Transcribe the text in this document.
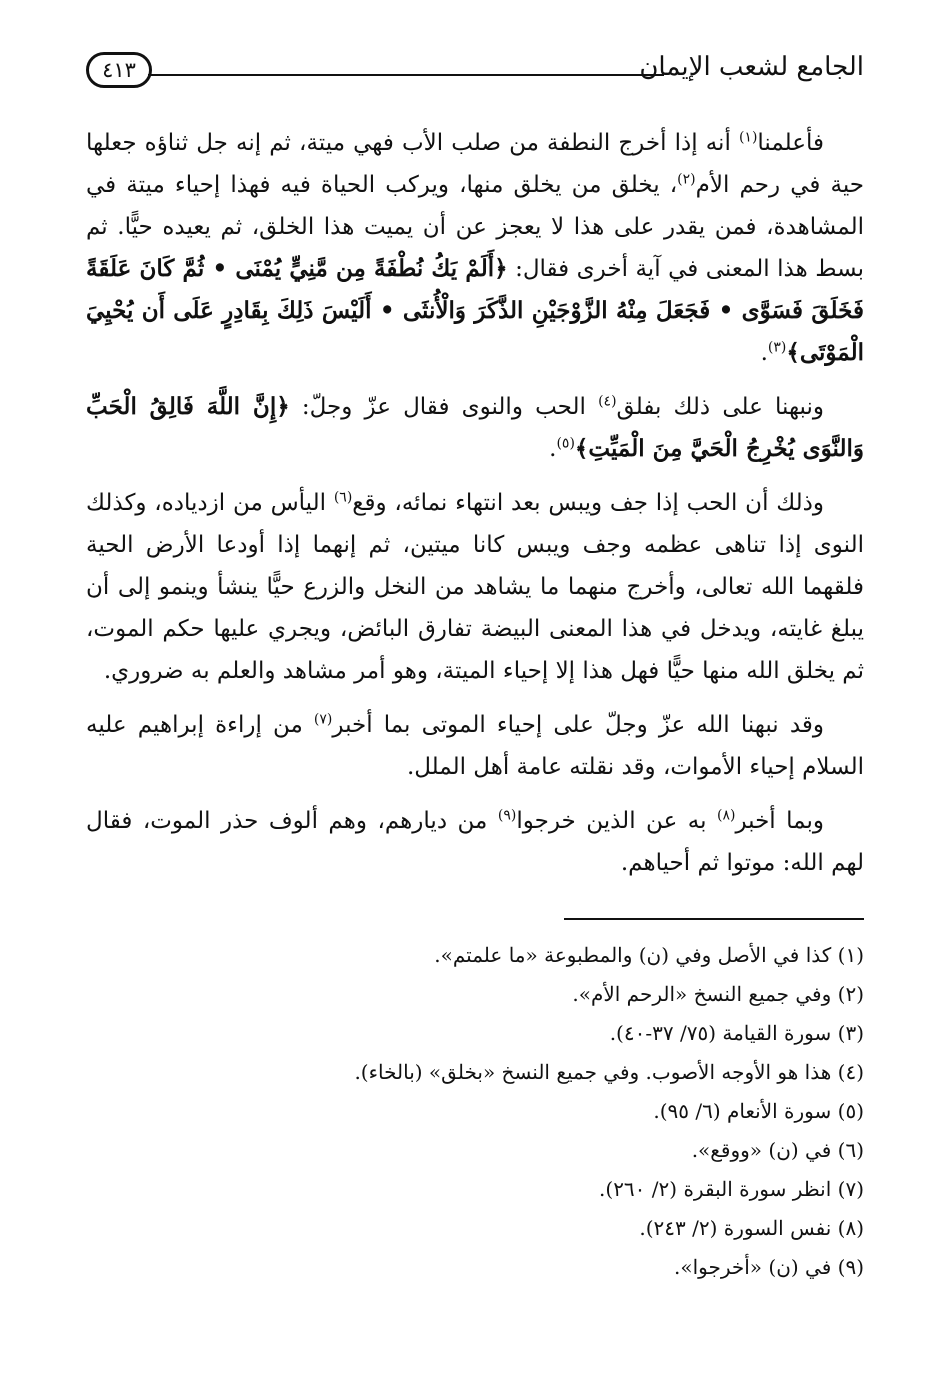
الجامع لشعب الإيمان
٤١٣

فأعلمنا$^{(١)}$ أنه إذا أخرج النطفة من صلب الأب فهي ميتة، ثم إنه جل ثناؤه جعلها حية في رحم الأم$^{(٢)}$، يخلق من يخلق منها، ويركب الحياة فيه فهذا إحياء ميتة في المشاهدة، فمن يقدر على هذا لا يعجز عن أن يميت هذا الخلق، ثم يعيده حيًّا. ثم بسط هذا المعنى في آية أخرى فقال: ﴿أَلَمْ يَكُ نُطْفَةً مِن مَّنِيٍّ يُمْنَى • ثُمَّ كَانَ عَلَقَةً فَخَلَقَ فَسَوَّى • فَجَعَلَ مِنْهُ الزَّوْجَيْنِ الذَّكَرَ وَالْأُنثَى • أَلَيْسَ ذَلِكَ بِقَادِرٍ عَلَى أَن يُحْيِيَ الْمَوْتَى﴾$^{(٣)}$.

ونبهنا على ذلك بفلق$^{(٤)}$ الحب والنوى فقال عزّ وجلّ: ﴿إِنَّ اللَّهَ فَالِقُ الْحَبِّ وَالنَّوَى يُخْرِجُ الْحَيَّ مِنَ الْمَيِّتِ﴾$^{(٥)}$.

وذلك أن الحب إذا جف ويبس بعد انتهاء نمائه، وقع$^{(٦)}$ اليأس من ازدياده، وكذلك النوى إذا تناهى عظمه وجف ويبس كانا ميتين، ثم إنهما إذا أودعا الأرض الحية فلقهما الله تعالى، وأخرج منهما ما يشاهد من النخل والزرع حيًّا ينشأ وينمو إلى أن يبلغ غايته، ويدخل في هذا المعنى البيضة تفارق البائض، ويجري عليها حكم الموت، ثم يخلق الله منها حيًّا فهل هذا إلا إحياء الميتة، وهو أمر مشاهد والعلم به ضروري.

وقد نبهنا الله عزّ وجلّ على إحياء الموتى بما أخبر$^{(٧)}$ من إراءة إبراهيم عليه السلام إحياء الأموات، وقد نقلته عامة أهل الملل.

وبما أخبر$^{(٨)}$ به عن الذين خرجوا$^{(٩)}$ من ديارهم، وهم ألوف حذر الموت، فقال لهم الله: موتوا ثم أحياهم.

(١) كذا في الأصل وفي (ن) والمطبوعة «ما علمتم».
(٢) وفي جميع النسخ «الرحم الأم».
(٣) سورة القيامة (٧٥/ ٣٧-٤٠).
(٤) هذا هو الأوجه الأصوب. وفي جميع النسخ «بخلق» (بالخاء).
(٥) سورة الأنعام (٦/ ٩٥).
(٦) في (ن) «ووقع».
(٧) انظر سورة البقرة (٢/ ٢٦٠).
(٨) نفس السورة (٢/ ٢٤٣).
(٩) في (ن) «أخرجوا».
